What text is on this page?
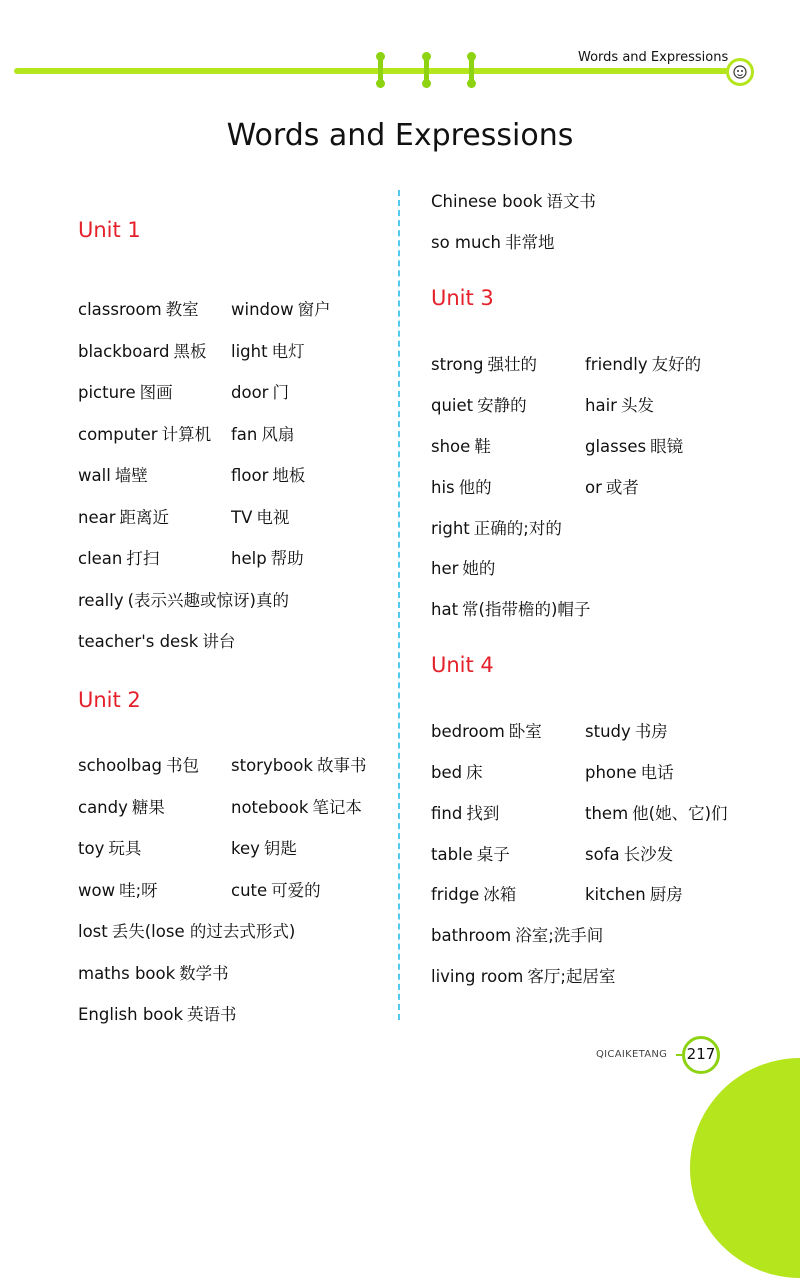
Words and Expressions
Words and Expressions
Unit 1
classroom 教室 window 窗户
blackboard 黑板 light 电灯
picture 图画	door 门
computer 计算机 fan 风扇
wall 墙壁	floor 地板
near 距离近	TV 电视
clean 打扫	help 帮助
really (表示兴趣或惊讶)真的
teacher's desk 讲台
Unit 2
schoolbag 书包 storybook 故事书
candy 糖果	notebook 笔记本
toy 玩具	key 钥匙
wow 哇;呀	cute 可爱的
lost 丢失(lose 的过去式形式)
maths book 数学书
English book 英语书
Chinese book 语文书
so much 非常地
Unit 3
strong 强壮的	friendly 友好的
quiet 安静的	hair 头发
shoe 鞋	glasses 眼镜
his 他的	or 或者
right 正确的;对的
her 她的
hat 常(指带檐的)帽子
Unit 4
bedroom 卧室	study 书房
bed 床	phone 电话
find 找到	them 他(她、它)们
table 桌子	sofa 长沙发
fridge 冰箱	kitchen 厨房
bathroom 浴室;洗手间
living room 客厅;起居室
QICAIKETANG	217
